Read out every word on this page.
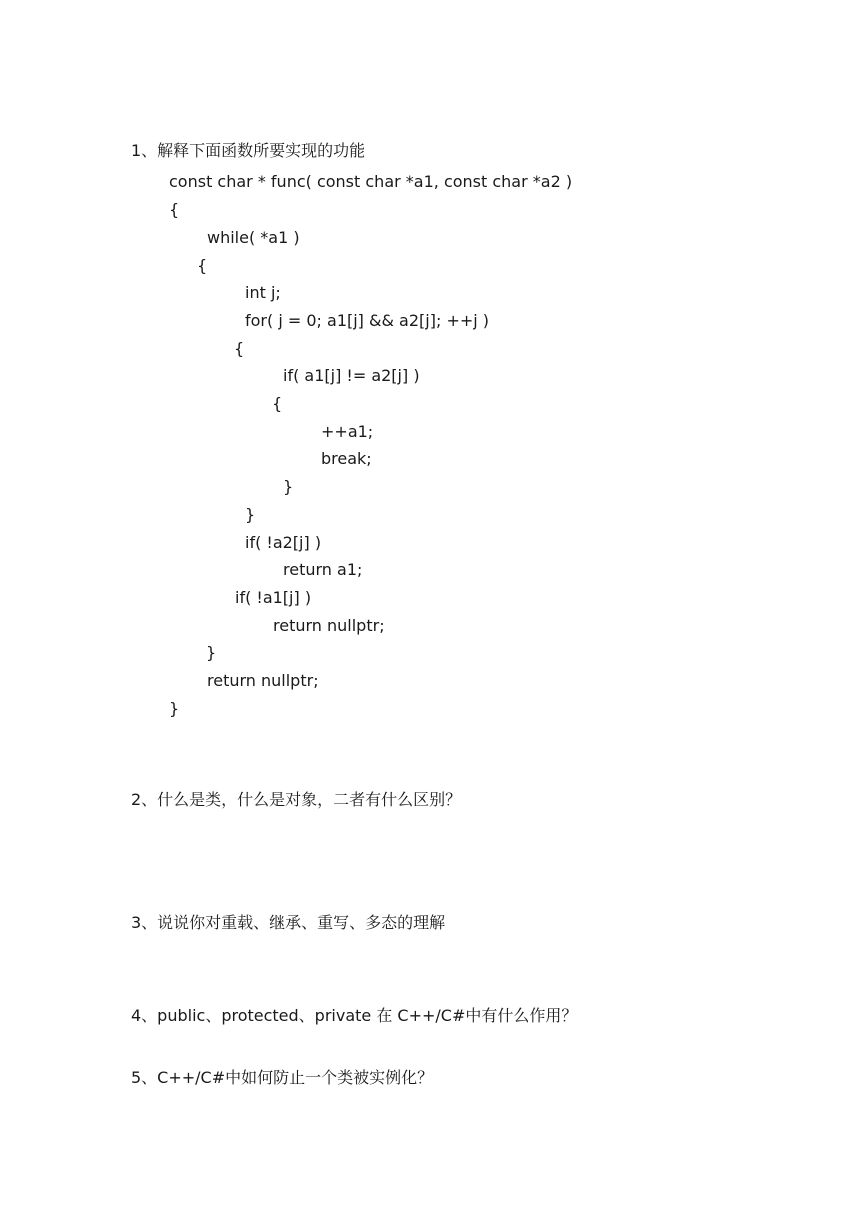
1、解释下面函数所要实现的功能
const char * func( const char *a1, const char *a2 )
{
while( *a1 )
{
int j;
for( j = 0; a1[j] && a2[j]; ++j )
{
if( a1[j] != a2[j] )
{
++a1;
break;
}
}
if( !a2[j] )
return a1;
if( !a1[j] )
return nullptr;
}
return nullptr;
}
2、什么是类，什么是对象，二者有什么区别？
3、说说你对重载、继承、重写、多态的理解
4、public、protected、private 在 C++/C#中有什么作用？
5、C++/C#中如何防止一个类被实例化？
